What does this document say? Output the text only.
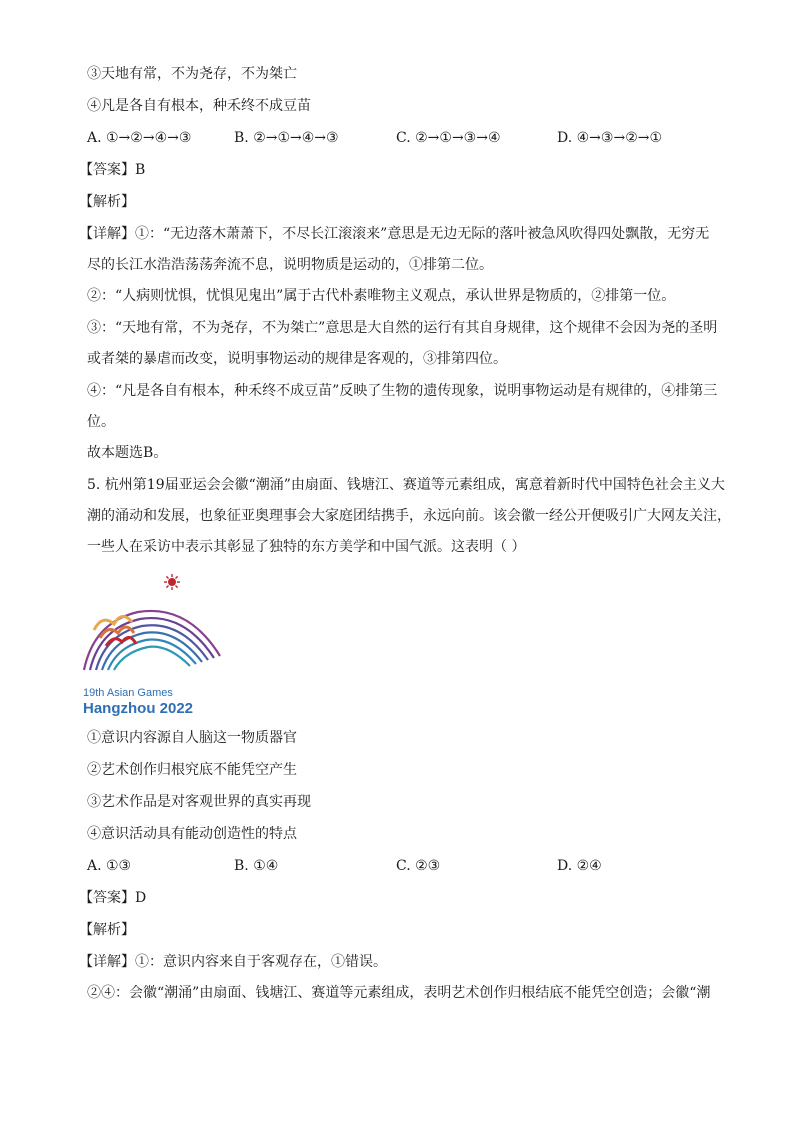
③天地有常，不为尧存，不为桀亡
④凡是各自有根本，种禾终不成豆苗
A. ①→②→④→③	B. ②→①→④→③	C. ②→①→③→④	D. ④→③→②→①
【答案】B
【解析】
【详解】①：“无边落木萧萧下，不尽长江滚滚来”意思是无边无际的落叶被急风吹得四处飘散，无穷无
尽的长江水浩浩荡荡奔流不息，说明物质是运动的，①排第二位。
②：“人病则忧惧，忧惧见鬼出”属于古代朴素唯物主义观点，承认世界是物质的，②排第一位。
③：“天地有常，不为尧存，不为桀亡”意思是大自然的运行有其自身规律，这个规律不会因为尧的圣明
或者桀的暴虐而改变，说明事物运动的规律是客观的，③排第四位。
④：“凡是各自有根本，种禾终不成豆苗”反映了生物的遗传现象，说明事物运动是有规律的，④排第三
位。
故本题选B。
5. 杭州第19届亚运会会徽“潮涌”由扇面、钱塘江、赛道等元素组成，寓意着新时代中国特色社会主义大
潮的涌动和发展，也象征亚奥理事会大家庭团结携手，永远向前。该会徽一经公开便吸引广大网友关注，
一些人在采访中表示其彰显了独特的东方美学和中国气派。这表明（ ）
19th Asian Games
Hangzhou 2022
①意识内容源自人脑这一物质器官
②艺术创作归根究底不能凭空产生
③艺术作品是对客观世界的真实再现
④意识活动具有能动创造性的特点
A. ①③	B. ①④	C. ②③	D. ②④
【答案】D
【解析】
【详解】①：意识内容来自于客观存在，①错误。
②④：会徽“潮涌”由扇面、钱塘江、赛道等元素组成，表明艺术创作归根结底不能凭空创造；会徽“潮
